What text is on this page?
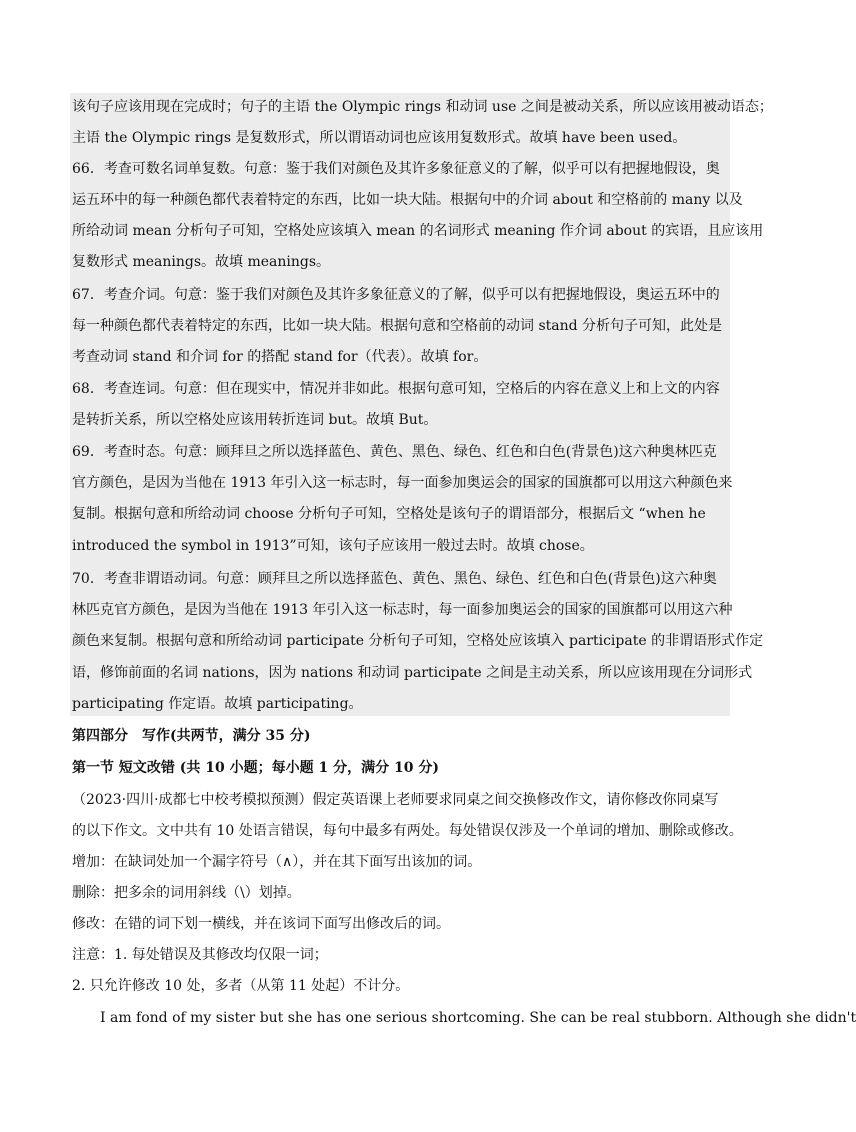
该句子应该用现在完成时；句子的主语 the Olympic rings 和动词 use 之间是被动关系，所以应该用被动语态；
主语 the Olympic rings 是复数形式，所以谓语动词也应该用复数形式。故填 have been used。
66．考查可数名词单复数。句意：鉴于我们对颜色及其许多象征意义的了解，似乎可以有把握地假设，奥
运五环中的每一种颜色都代表着特定的东西，比如一块大陆。根据句中的介词 about 和空格前的 many 以及
所给动词 mean 分析句子可知，空格处应该填入 mean 的名词形式 meaning 作介词 about 的宾语，且应该用
复数形式 meanings。故填 meanings。
67．考查介词。句意：鉴于我们对颜色及其许多象征意义的了解，似乎可以有把握地假设，奥运五环中的
每一种颜色都代表着特定的东西，比如一块大陆。根据句意和空格前的动词 stand 分析句子可知，此处是
考查动词 stand 和介词 for 的搭配 stand for（代表）。故填 for。
68．考查连词。句意：但在现实中，情况并非如此。根据句意可知，空格后的内容在意义上和上文的内容
是转折关系，所以空格处应该用转折连词 but。故填 But。
69．考查时态。句意：顾拜旦之所以选择蓝色、黄色、黑色、绿色、红色和白色(背景色)这六种奥林匹克
官方颜色，是因为当他在 1913 年引入这一标志时，每一面参加奥运会的国家的国旗都可以用这六种颜色来
复制。根据句意和所给动词 choose 分析句子可知，空格处是该句子的谓语部分，根据后文 “when he
introduced the symbol in 1913”可知，该句子应该用一般过去时。故填 chose。
70．考查非谓语动词。句意：顾拜旦之所以选择蓝色、黄色、黑色、绿色、红色和白色(背景色)这六种奥
林匹克官方颜色，是因为当他在 1913 年引入这一标志时，每一面参加奥运会的国家的国旗都可以用这六种
颜色来复制。根据句意和所给动词 participate 分析句子可知，空格处应该填入 participate 的非谓语形式作定
语，修饰前面的名词 nations，因为 nations 和动词 participate 之间是主动关系，所以应该用现在分词形式
participating 作定语。故填 participating。
第四部分　写作(共两节，满分 35 分)
第一节 短文改错 (共 10 小题；每小题 1 分，满分 10 分)
（2023·四川·成都七中校考模拟预测）假定英语课上老师要求同桌之间交换修改作文，请你修改你同桌写
的以下作文。文中共有 10 处语言错误，每句中最多有两处。每处错误仅涉及一个单词的增加、删除或修改。
增加：在缺词处加一个漏字符号（∧），并在其下面写出该加的词。
删除：把多余的词用斜线（\）划掉。
修改：在错的词下划一横线，并在该词下面写出修改后的词。
注意：1. 每处错误及其修改均仅限一词；
2. 只允许修改 10 处，多者（从第 11 处起）不计分。
I am fond of my sister but she has one serious shortcoming. She can be real stubborn. Although she didn't
